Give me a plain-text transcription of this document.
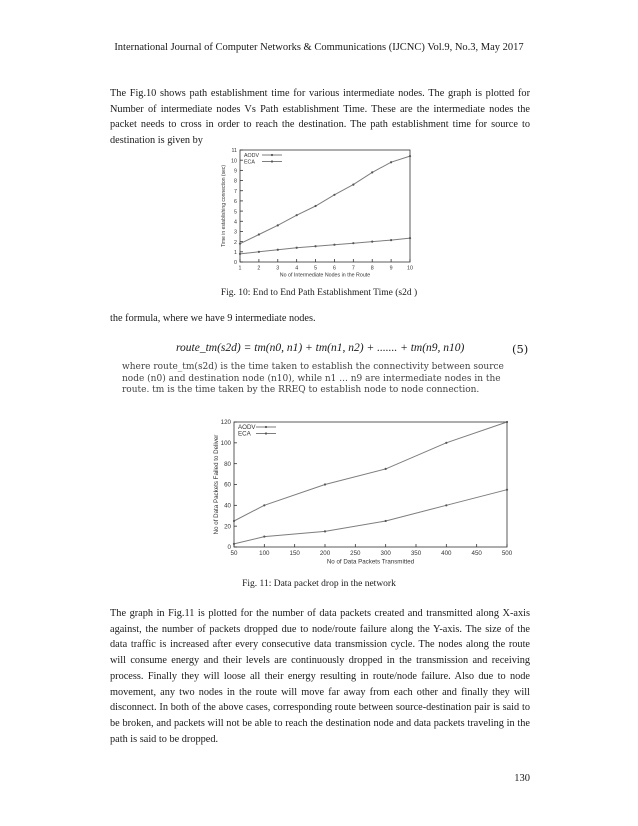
International Journal of Computer Networks & Communications (IJCNC) Vol.9, No.3, May 2017

The Fig.10 shows path establishment time for various intermediate nodes. The graph is plotted for Number of intermediate nodes Vs Path establishment Time. These are the intermediate nodes the packet needs to cross in order to reach the destination. The path establishment time for source to destination is given by

0
1
2
3
4
5
6
7
8
9
10
11
1	2	3	4	5	6	7	8	9	10
No of Intermediate Nodes in the Route
Time in establishing connection (sec)
AODV
ECA
Fig. 10: End to End Path Establishment Time (s2d )

the formula, where we have 9 intermediate nodes.

route_tm(s2d) = tm(n0, n1) + tm(n1, n2) + ....... + tm(n9, n10)	(5)

where route_tm(s2d) is the time taken to establish the connectivity between source node (n0) and destination node (n10), while n1 ... n9 are intermediate nodes in the route. tm is the time taken by the RREQ to establish node to node connection.

0
20
40
60
80
100
120
50	100	150	200	250	300	350	400	450	500
No of Data Packets Transmitted
No of Data Packets Failed to Deliver
AODV
ECA
Fig. 11: Data packet drop in the network

The graph in Fig.11 is plotted for the number of data packets created and transmitted along X-axis against, the number of packets dropped due to node/route failure along the Y-axis. The size of the data traffic is increased after every consecutive data transmission cycle. The nodes along the route will consume energy and their levels are continuously dropped in the transmission and receiving process. Finally they will loose all their energy resulting in route/node failure. Also due to node movement, any two nodes in the route will move far away from each other and finally they will disconnect. In both of the above cases, corresponding route between source-destination pair is said to be broken, and packets will not be able to reach the destination node and data packets traveling in the path is said to be dropped.

130
